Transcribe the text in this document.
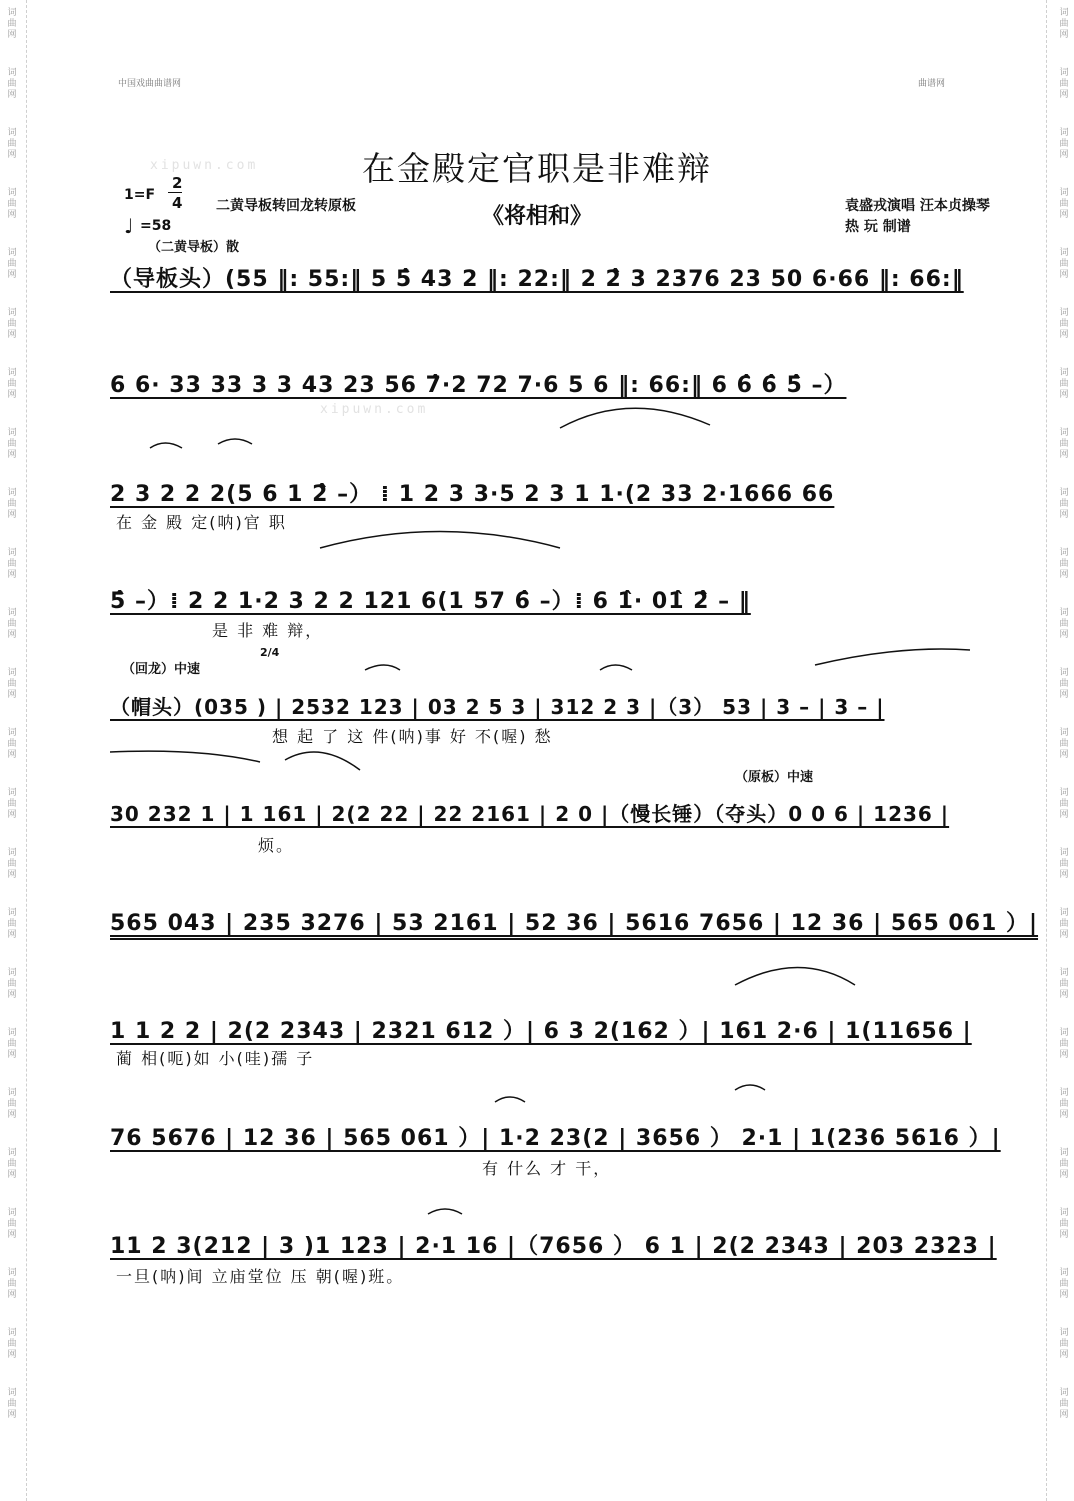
中国戏曲曲谱网	曲谱网
xipuwn.com
xipuwn.com
在金殿定官职是非难辩
《将相和》
1=F
2
4
♩ =58
二黄导板转回龙转原板	袁盛戎演唱 汪本贞操琴
热 玩 制谱
（二黄导板）散
（回龙）中速
2/4
（原板）中速
（导板头）(55 ‖: 55:‖ 5 5̂ 43 2 ‖: 22:‖ 2 2̂ 3 2376 23 50 6·66 ‖: 66:‖
6 6· 33 33 3 3 43 23 56 7̂·2 72 7·6 5 6 ‖: 66:‖ 6 6̂ 6̂ 5̂ –）
2 3 2 2 2(5 6 1 2̂ –） ⁞ 1 2 3 3·5 2 3 1 1·(2 33 2·1666 66
在 金 殿 定(呐)官 职
5̂ –）⁞ 2 2 1·2 3 2 2 121 6(1 57 6̂ –）⁞ 6 1̂· 01̂ 2̂ – ‖
是 非 难 辩，
（帽头）(035 ) | 2532 123 | 03 2 5 3 | 312 2 3 |（3） 53 | 3 – | 3 – |
想 起 了 这 件(呐)事 好 不(喔) 愁
30 232 1 | 1 161 | 2(2 22 | 22 2161 | 2 0 |（慢长锤）（夺头）0 0 6 | 1236 |
烦。
565 043 | 235 3276 | 53 2161 | 52 36 | 5616 7656 | 12 36 | 565 061 ）|
1 1 2 2 | 2(2 2343 | 2321 612 ）| 6 3 2(162 ）| 161 2·6 | 1(11656 |
蔺 相(呃)如 小(哇)孺 子
76 5676 | 12 36 | 565 061 ）| 1·2 23(2 | 3656 ） 2·1 | 1(236 5616 ）|
有 什么 才 干，
11 2 3(212 | 3 )1 123 | 2·1 16 |（7656 ） 6 1 | 2(2 2343 | 203 2323 |
一旦(呐)间 立庙堂位 压 朝(喔)班。
词
曲
网
词
曲
网
词
曲
网
词
曲
网
词
曲
网
词
曲
网
词
曲
网
词
曲
网
词
曲
网
词
曲
网
词
曲
网
词
曲
网
词
曲
网
词
曲
网
词
曲
网
词
曲
网
词
曲
网
词
曲
网
词
曲
网
词
曲
网
词
曲
网
词
曲
网
词
曲
网
词
曲
网
词
曲
网
词
曲
网
词
曲
网
词
曲
网
词
曲
网
词
曲
网
词
曲
网
词
曲
网
词
曲
网
词
曲
网
词
曲
网
词
曲
网
词
曲
网
词
曲
网
词
曲
网
词
曲
网
词
曲
网
词
曲
网
词
曲
网
词
曲
网
词
曲
网
词
曲
网
词
曲
网
词
曲
网
